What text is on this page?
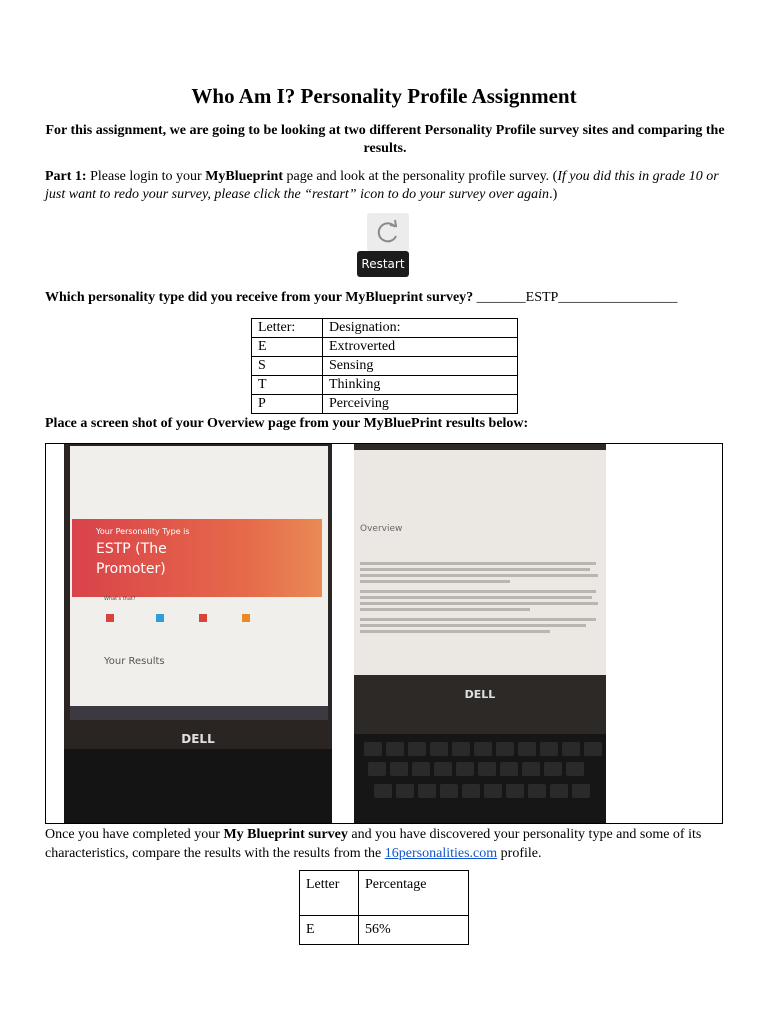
Who Am I? Personality Profile Assignment
For this assignment, we are going to be looking at two different Personality Profile survey sites and comparing the results.
Part 1: Please login to your MyBlueprint page and look at the personality profile survey. (If you did this in grade 10 or just want to redo your survey, please click the “restart” icon to do your survey over again.)
Restart
Which personality type did you receive from your MyBlueprint survey? _______ESTP_________________
Letter:	Designation:
E	Extroverted
S	Sensing
T	Thinking
P	Perceiving
Place a screen shot of your Overview page from your MyBluePrint results below:
Your Personality Type is
ESTP (The Promoter)
What's that?
Your Results
DELL
Overview
DELL
Once you have completed your My Blueprint survey and you have discovered your personality type and some of its characteristics, compare the results with the results from the 16personalities.com profile.
Letter	Percentage
E	56%
